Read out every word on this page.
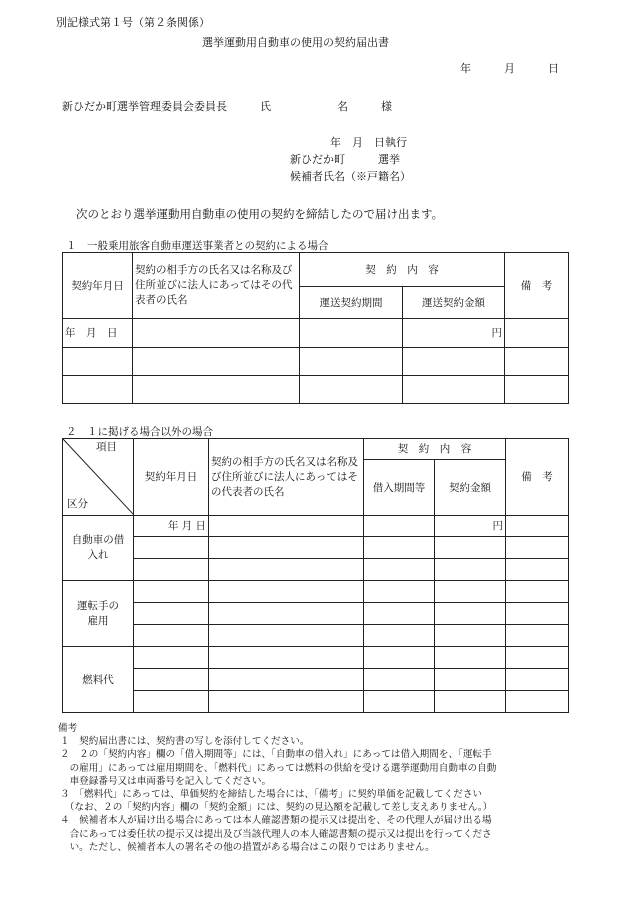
別記様式第１号（第２条関係）
選挙運動用自動車の使用の契約届出書
年　　　月　　　日
新ひだか町選挙管理委員会委員長　　　氏　　　　　　名　　　様
年　月　日執行
新ひだか町　　　選挙
候補者氏名（※戸籍名）
次のとおり選挙運動用自動車の使用の契約を締結したので届け出ます。
１　一般乗用旅客自動車運送事業者との契約による場合
契約年月日	契約の相手方の氏名又は名称及び住所並びに法人にあってはその代表者の氏名	契　約　内　容		備　考
		運送契約期間	運送契約金額	
年　月　日			円	

２　１に掲げる場合以外の場合
項目
区分	契約年月日	契約の相手方の氏名又は名称及び住所並びに法人にあってはその代表者の氏名	契　約　内　容		備　考
			借入期間等	契約金額	
自動車の借入れ	年 月 日			円	

運転手の雇用					

燃料代					

備考
１　契約届出書には、契約書の写しを添付してください。
２　２の「契約内容」欄の「借入期間等」には、「自動車の借入れ」にあっては借入期間を、「運転手
　の雇用」にあっては雇用期間を、「燃料代」にあっては燃料の供給を受ける選挙運動用自動車の自動
　車登録番号又は車両番号を記入してください。
３　「燃料代」にあっては、単価契約を締結した場合には、「備考」に契約単価を記載してください
　（なお、２の「契約内容」欄の「契約金額」には、契約の見込額を記載して差し支えありません。）
４　候補者本人が届け出る場合にあっては本人確認書類の提示又は提出を、その代理人が届け出る場
　合にあっては委任状の提示又は提出及び当該代理人の本人確認書類の提示又は提出を行ってくださ
　い。ただし、候補者本人の署名その他の措置がある場合はこの限りではありません。
